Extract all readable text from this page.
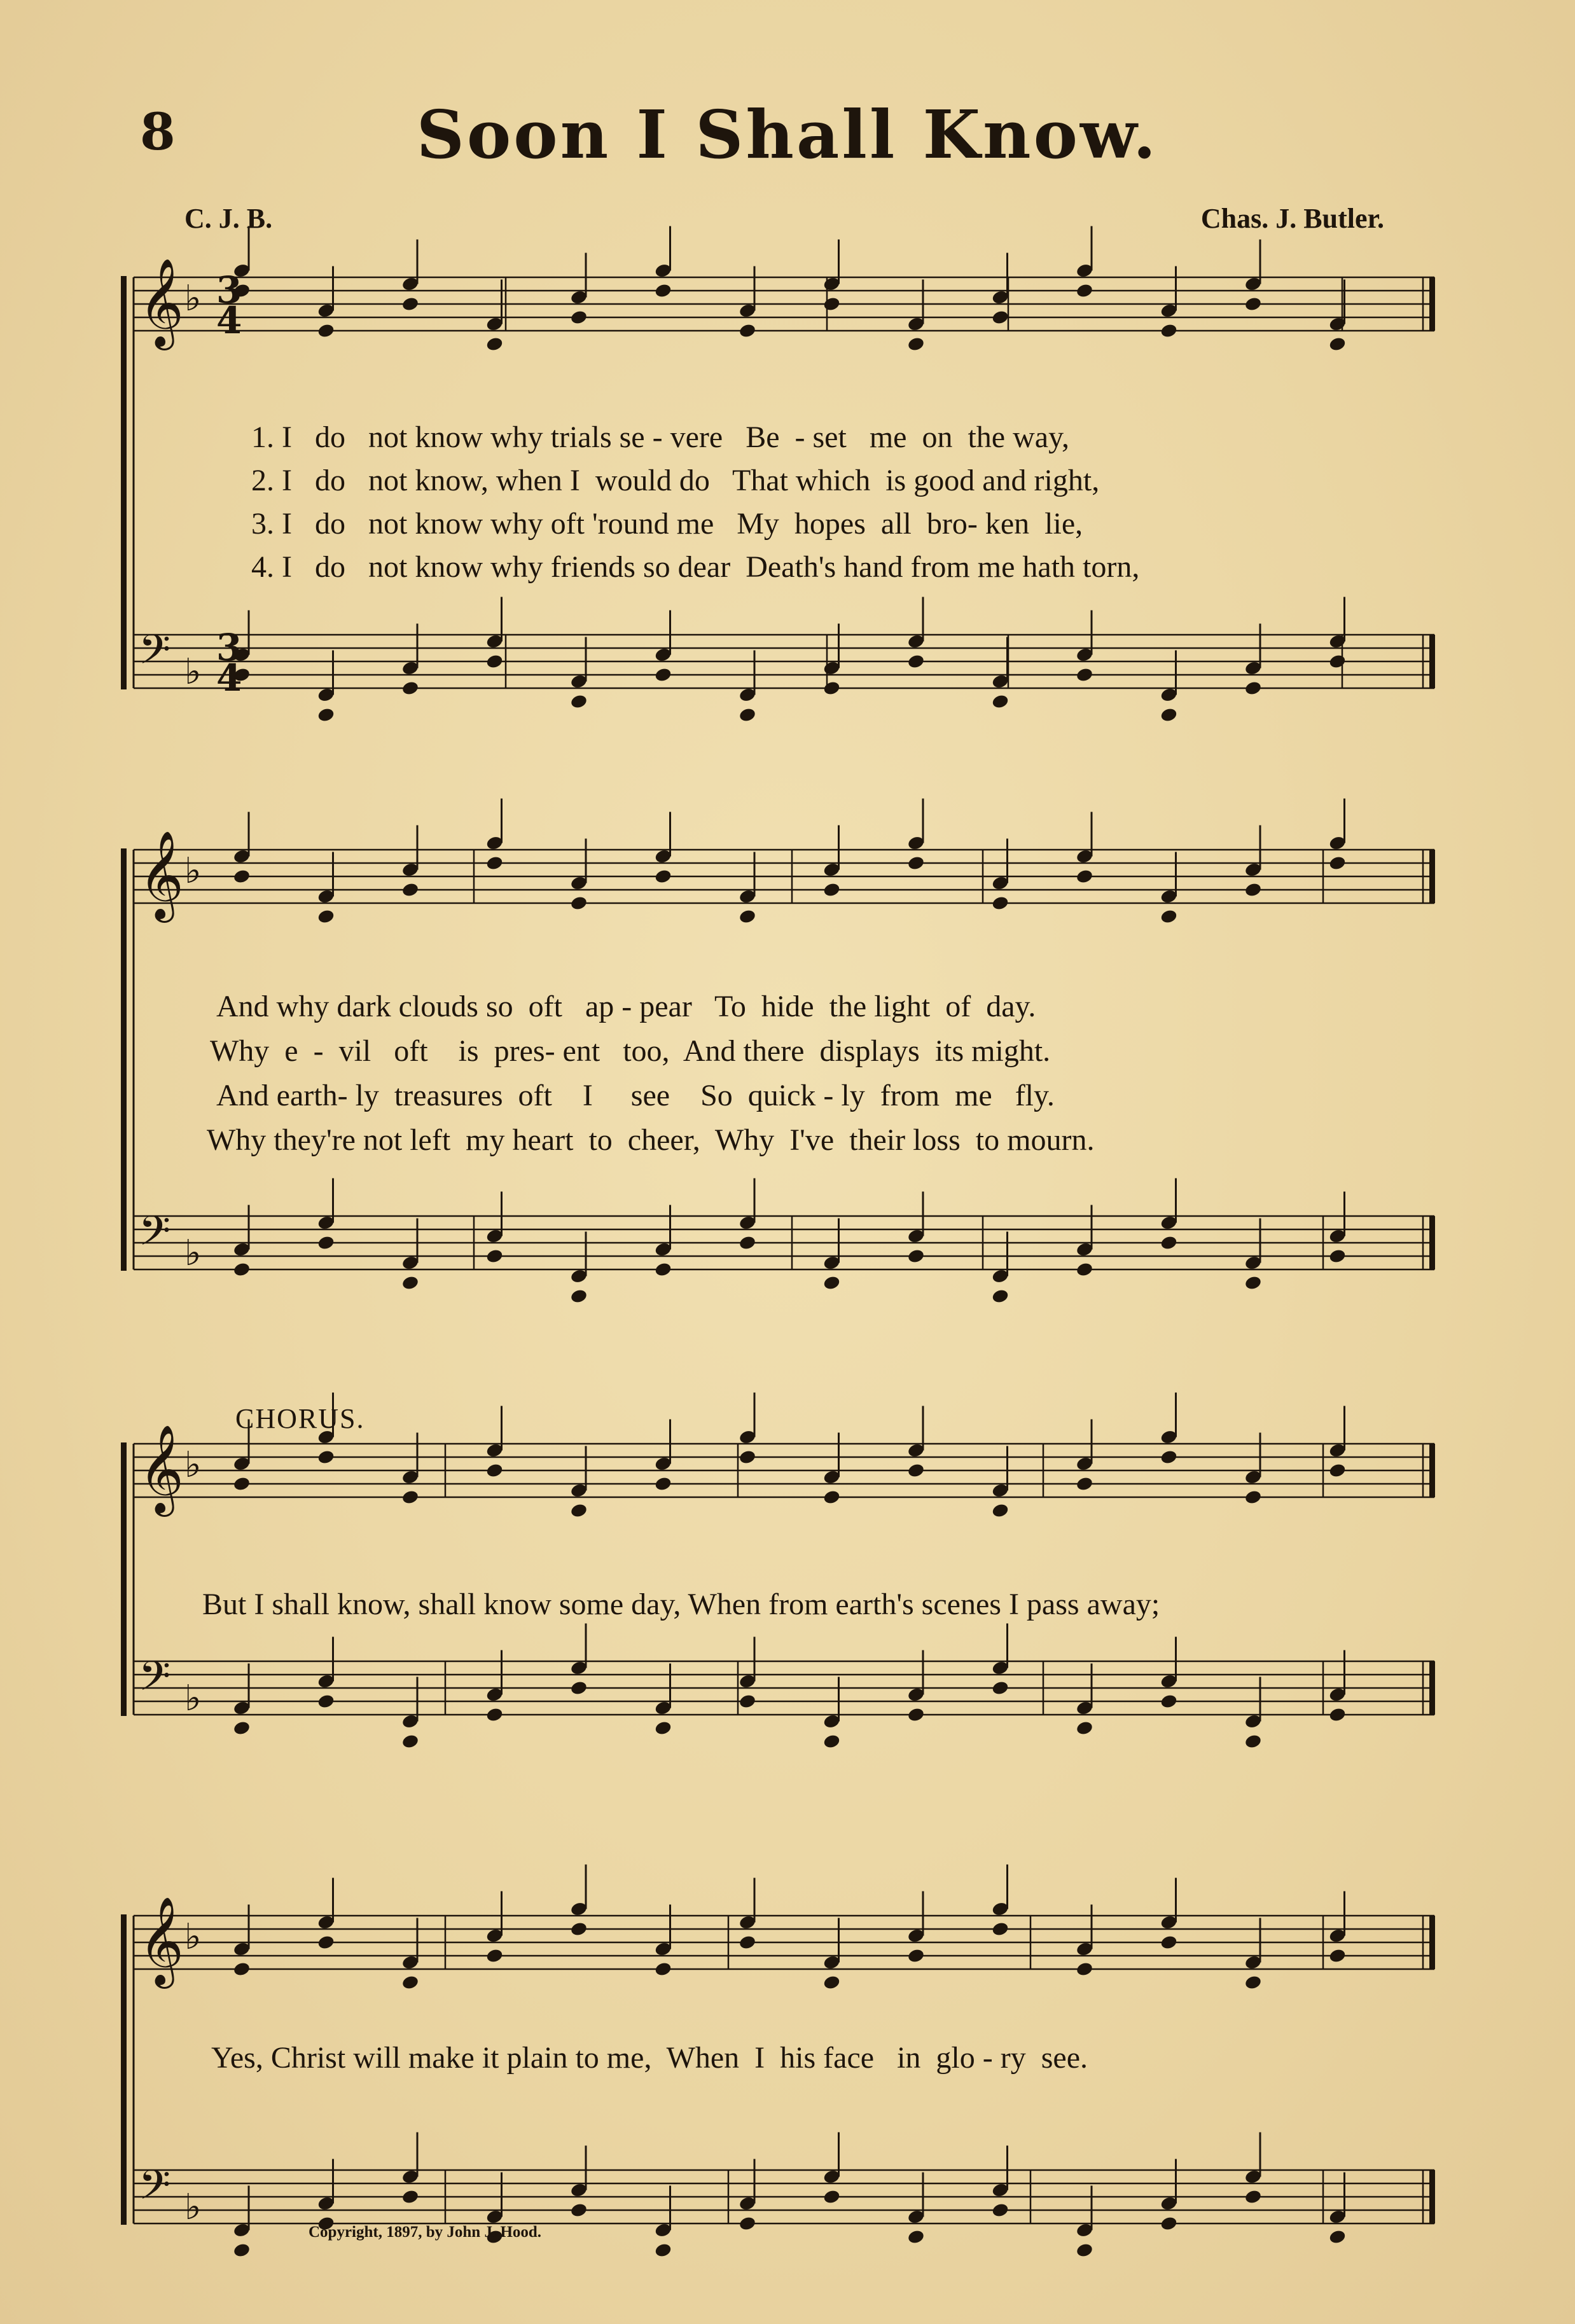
8	Soon I Shall Know.
C. J. B.	Chas. J. Butler.
𝄞 ♭
𝄢 ♭
𝄞 ♭
𝄢 ♭
𝄞 ♭
𝄢 ♭
𝄞 ♭
𝄢 ♭
3
4
3
4
1. I   do   not know why trials se - vere   Be  - set   me  on  the way,
2. I   do   not know, when I  would do   That which  is good and right,
3. I   do   not know why oft 'round me   My  hopes  all  bro- ken  lie,
4. I   do   not know why friends so dear  Death's hand from me hath torn,
And why dark clouds so  oft   ap - pear   To  hide  the light  of  day.
Why  e  -  vil   oft    is  pres- ent   too,  And there  displays  its might.
And earth- ly  treasures  oft    I     see    So  quick - ly  from  me   fly.
Why they're not left  my heart  to  cheer,  Why  I've  their loss  to mourn.
CHORUS.
But I shall know, shall know some day, When from earth's scenes I pass away;
Yes, Christ will make it plain to me,  When  I  his face   in  glo - ry  see.
Copyright, 1897, by John J. Hood.
